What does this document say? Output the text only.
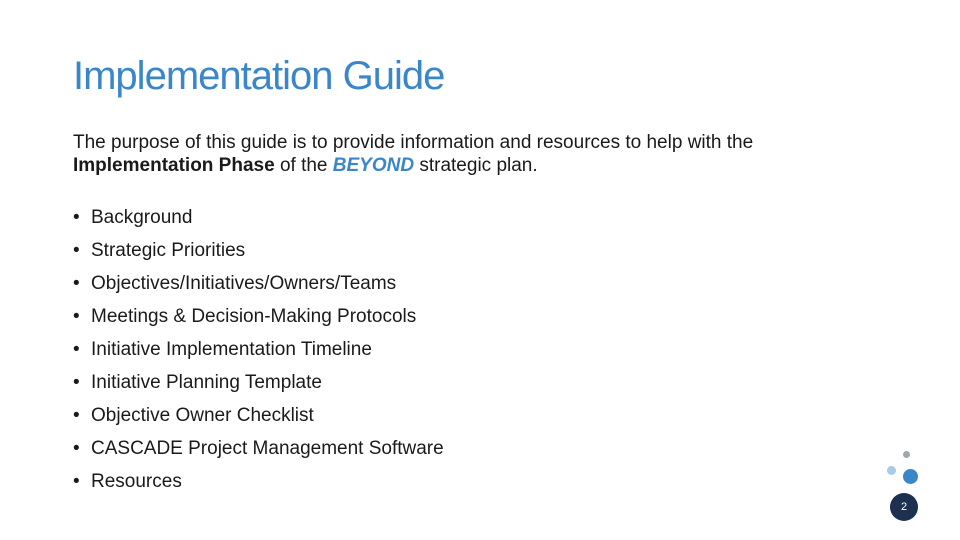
Implementation Guide
The purpose of this guide is to provide information and resources to help with the Implementation Phase of the BEYOND strategic plan.
• Background
• Strategic Priorities
• Objectives/Initiatives/Owners/Teams
• Meetings & Decision-Making Protocols
• Initiative Implementation Timeline
• Initiative Planning Template
• Objective Owner Checklist
• CASCADE Project Management Software
• Resources
2
